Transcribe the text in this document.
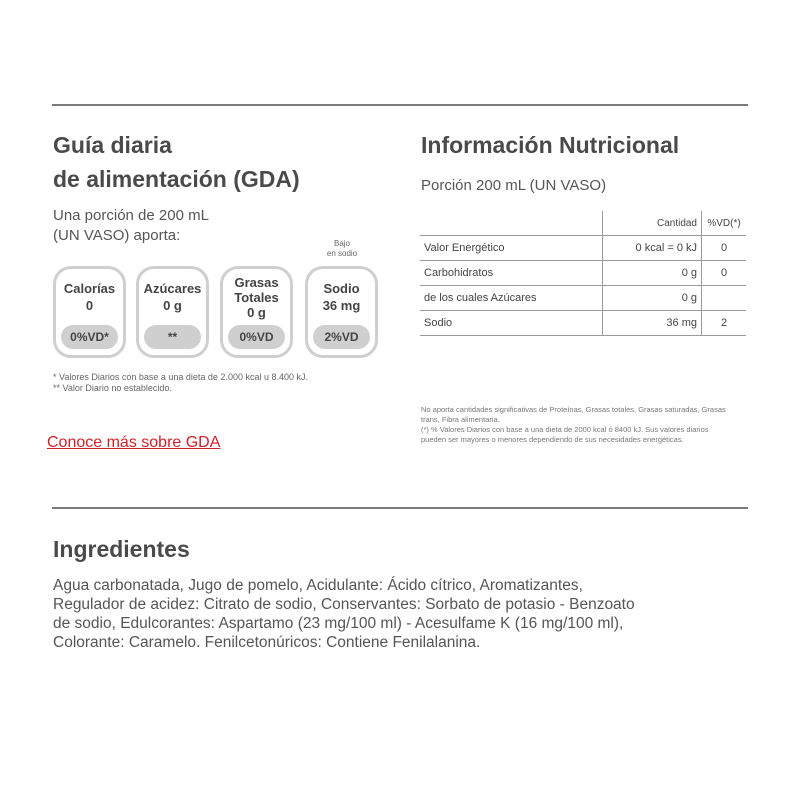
Guía diaria
de alimentación (GDA)
Una porción de 200 mL
(UN VASO) aporta:	Bajo
en sodio
Calorías
0
0%VD*
Azúcares
0 g
**
Grasas
Totales
0 g
0%VD
Sodio
36 mg
2%VD
* Valores Diarios con base a una dieta de 2.000 kcal u 8.400 kJ.
** Valor Diario no establecido.
Conoce más sobre GDA
Información Nutricional
Porción 200 mL (UN VASO)
	Cantidad	%VD(*)
Valor Energético	0 kcal = 0 kJ	0
Carbohidratos	0 g	0
de los cuales Azúcares	0 g	
Sodio	36 mg	2
No aporta cantidades significativas de Proteínas, Grasas totales, Grasas saturadas, Grasas trans, Fibra alimentaria.
(*) % Valores Diarios con base a una dieta de 2000 kcal ó 8400 kJ. Sus valores diarios pueden ser mayores o menores dependiendo de sus necesidades energéticas.
Ingredientes
Agua carbonatada, Jugo de pomelo, Acidulante: Ácido cítrico, Aromatizantes,
Regulador de acidez: Citrato de sodio, Conservantes: Sorbato de potasio - Benzoato
de sodio, Edulcorantes: Aspartamo (23 mg/100 ml) - Acesulfame K (16 mg/100 ml),
Colorante: Caramelo. Fenilcetonúricos: Contiene Fenilalanina.
